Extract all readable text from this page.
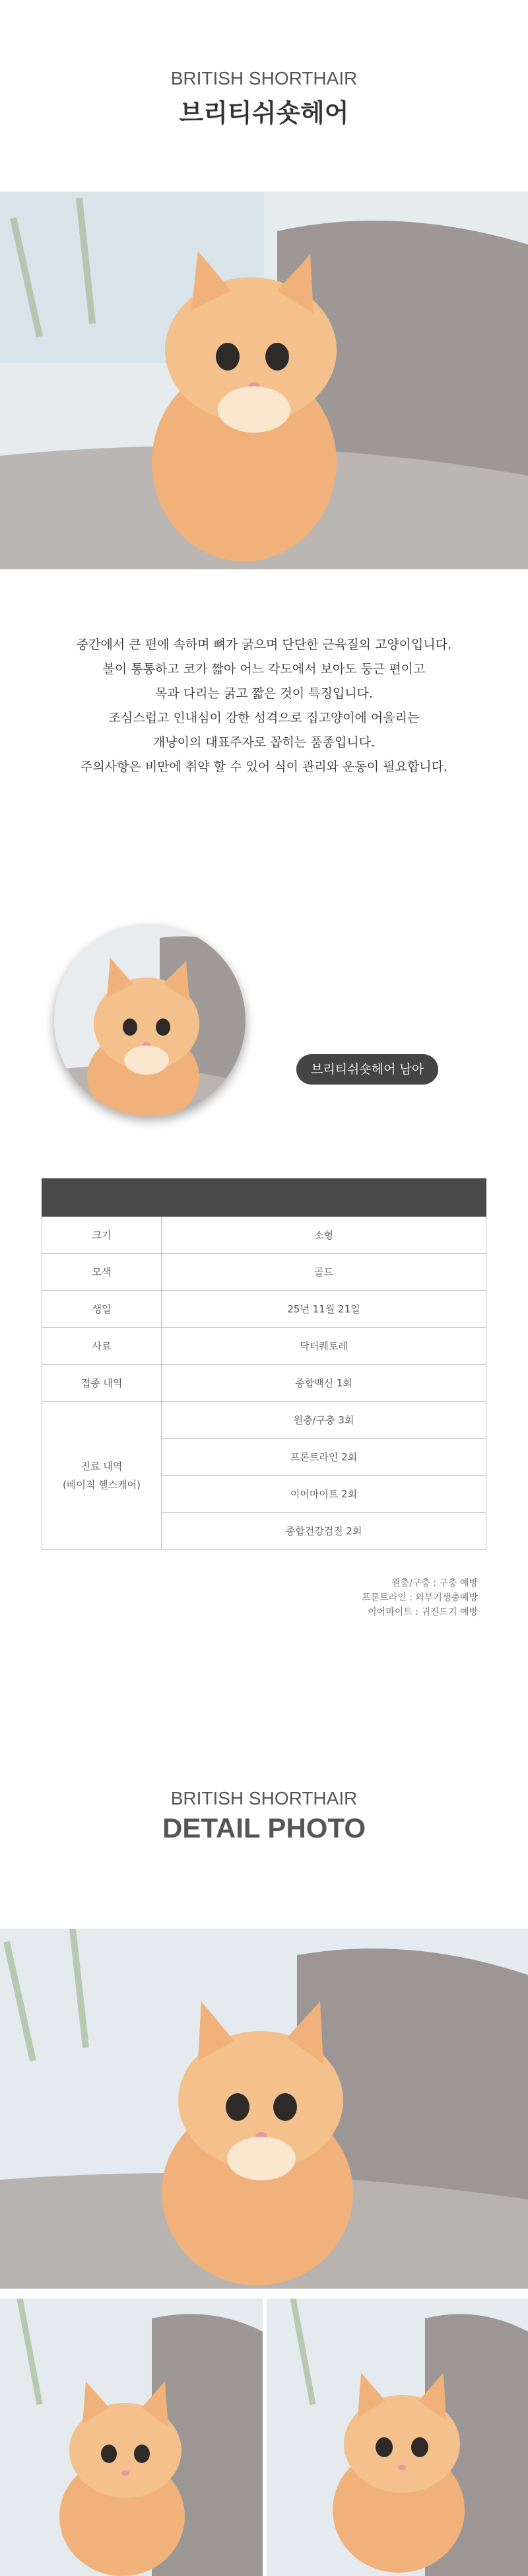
BRITISH SHORTHAIR
브리티쉬숏헤어
중간에서 큰 편에 속하며 뼈가 굵으며 단단한 근육질의 고양이입니다.
볼이 통통하고 코가 짧아 어느 각도에서 보아도 둥근 편이고
목과 다리는 굵고 짧은 것이 특징입니다.
조심스럽고 인내심이 강한 성격으로 집고양이에 어울리는
개냥이의 대표주자로 꼽히는 품종입니다.
주의사항은 비만에 취약 할 수 있어 식이 관리와 운동이 필요합니다.
브리티쉬숏헤어 남아

크기	소형
모색	골드
생일	25년 11월 21일
사료	닥터퀘토레
접종 내역	종합백신 1회

진료 내역
(베이직 헬스케어)	원충/구충 3회
	프론트라인 2회
	이어마이트 2회
	종합건강검진 2회
원충/구충 : 구충 예방
프론트라인 : 외부기생충예방
이어마이트 : 귀진드기 예방
BRITISH SHORTHAIR
DETAIL PHOTO
